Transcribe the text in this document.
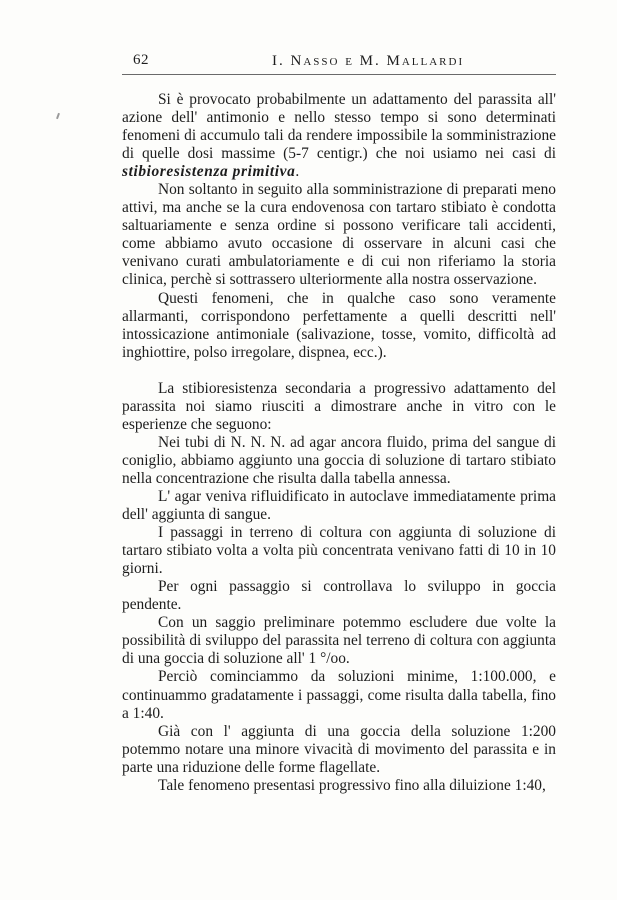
62	I. Nasso e M. Mallardi

Si è provocato probabilmente un adattamento del parassita all' azione dell' antimonio e nello stesso tempo si sono determinati fenomeni di accumulo tali da rendere impossibile la somministrazione di quelle dosi massime (5-7 centigr.) che noi usiamo nei casi di stibioresistenza primitiva.

Non soltanto in seguito alla somministrazione di preparati meno attivi, ma anche se la cura endovenosa con tartaro stibiato è condotta saltuariamente e senza ordine si possono verificare tali accidenti, come abbiamo avuto occasione di osservare in alcuni casi che venivano curati ambulatoriamente e di cui non riferiamo la storia clinica, perchè si sottrassero ulteriormente alla nostra osservazione.

Questi fenomeni, che in qualche caso sono veramente allarmanti, corrispondono perfettamente a quelli descritti nell' intossicazione antimoniale (salivazione, tosse, vomito, difficoltà ad inghiottire, polso irregolare, dispnea, ecc.).

La stibioresistenza secondaria a progressivo adattamento del parassita noi siamo riusciti a dimostrare anche in vitro con le esperienze che seguono:

Nei tubi di N. N. N. ad agar ancora fluido, prima del sangue di coniglio, abbiamo aggiunto una goccia di soluzione di tartaro stibiato nella concentrazione che risulta dalla tabella annessa.

L' agar veniva rifluidificato in autoclave immediatamente prima dell' aggiunta di sangue.

I passaggi in terreno di coltura con aggiunta di soluzione di tartaro stibiato volta a volta più concentrata venivano fatti di 10 in 10 giorni.

Per ogni passaggio si controllava lo sviluppo in goccia pendente.

Con un saggio preliminare potemmo escludere due volte la possibilità di sviluppo del parassita nel terreno di coltura con aggiunta di una goccia di soluzione all' 1 °/oo.

Perciò cominciammo da soluzioni minime, 1:100.000, e continuammo gradatamente i passaggi, come risulta dalla tabella, fino a 1:40.

Già con l' aggiunta di una goccia della soluzione 1:200 potemmo notare una minore vivacità di movimento del parassita e in parte una riduzione delle forme flagellate.

Tale fenomeno presentasi progressivo fino alla diluizione 1:40,
